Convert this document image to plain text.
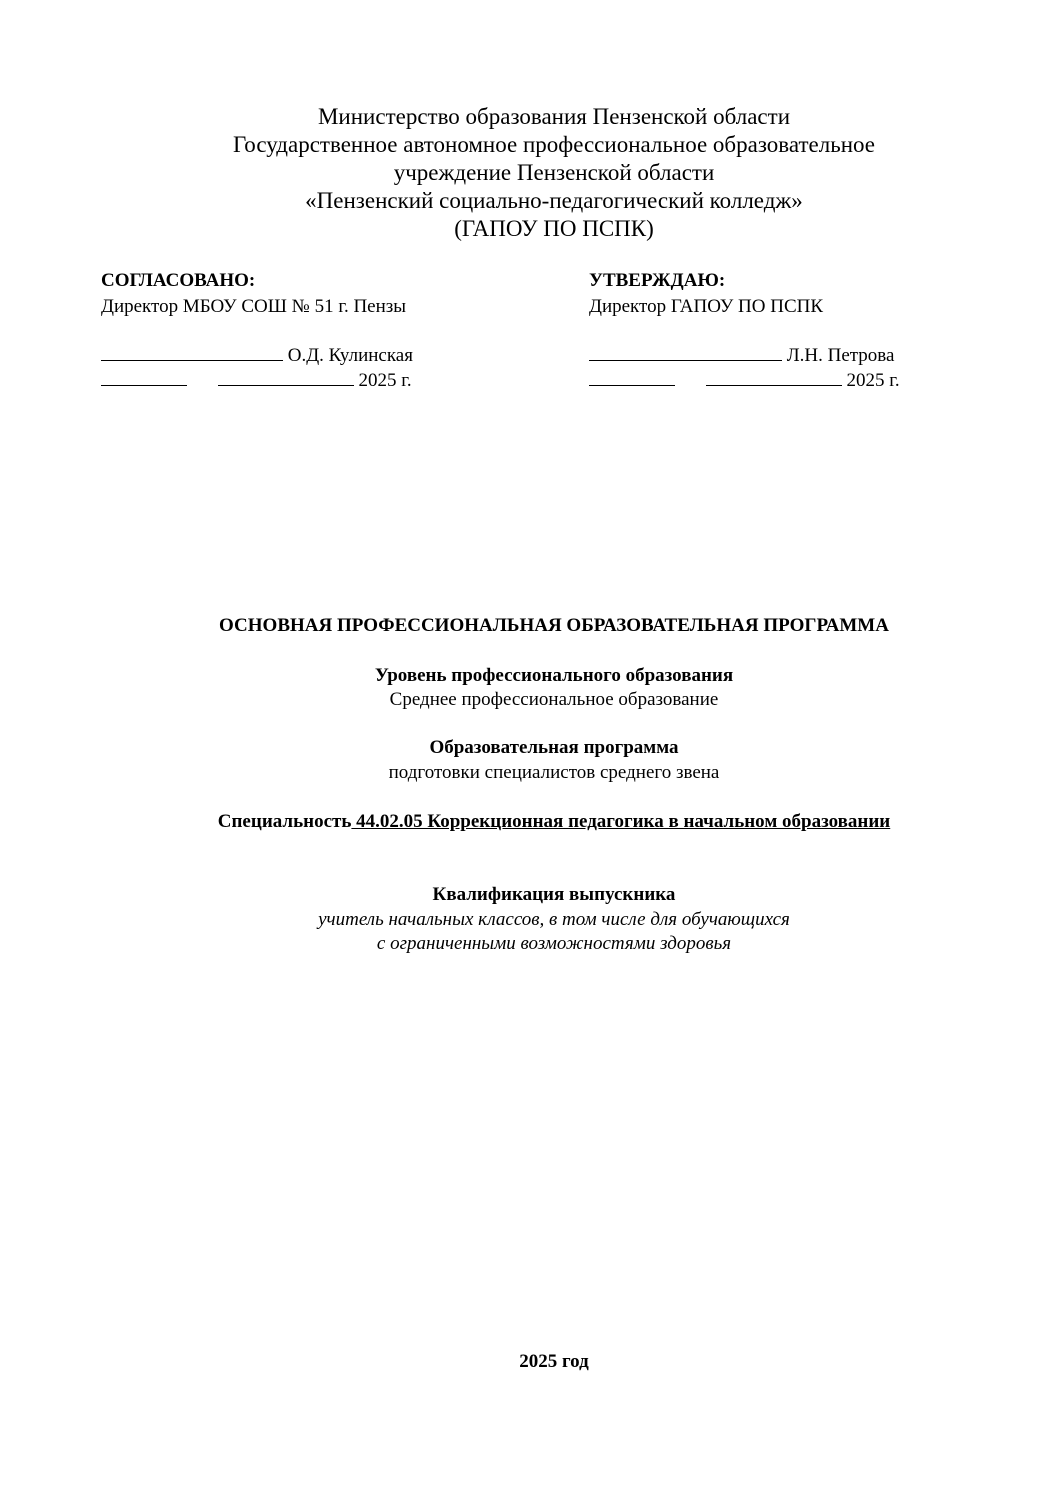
Министерство образования Пензенской области
Государственное автономное профессиональное образовательное
учреждение Пензенской области
«Пензенский социально-педагогический колледж»
(ГАПОУ ПО ПСПК)
СОГЛАСОВАНО:
Директор МБОУ СОШ № 51 г. Пензы
УТВЕРЖДАЮ:
Директор ГАПОУ ПО ПСПК
О.Д. Кулинская
2025 г.
Л.Н. Петрова
2025 г.
ОСНОВНАЯ ПРОФЕССИОНАЛЬНАЯ ОБРАЗОВАТЕЛЬНАЯ ПРОГРАММА
Уровень профессионального образования
Среднее профессиональное образование
Образовательная программа
подготовки специалистов среднего звена
Специальность 44.02.05 Коррекционная педагогика в начальном образовании
Квалификация выпускника
учитель начальных классов, в том числе для обучающихся
с ограниченными возможностями здоровья
2025 год
